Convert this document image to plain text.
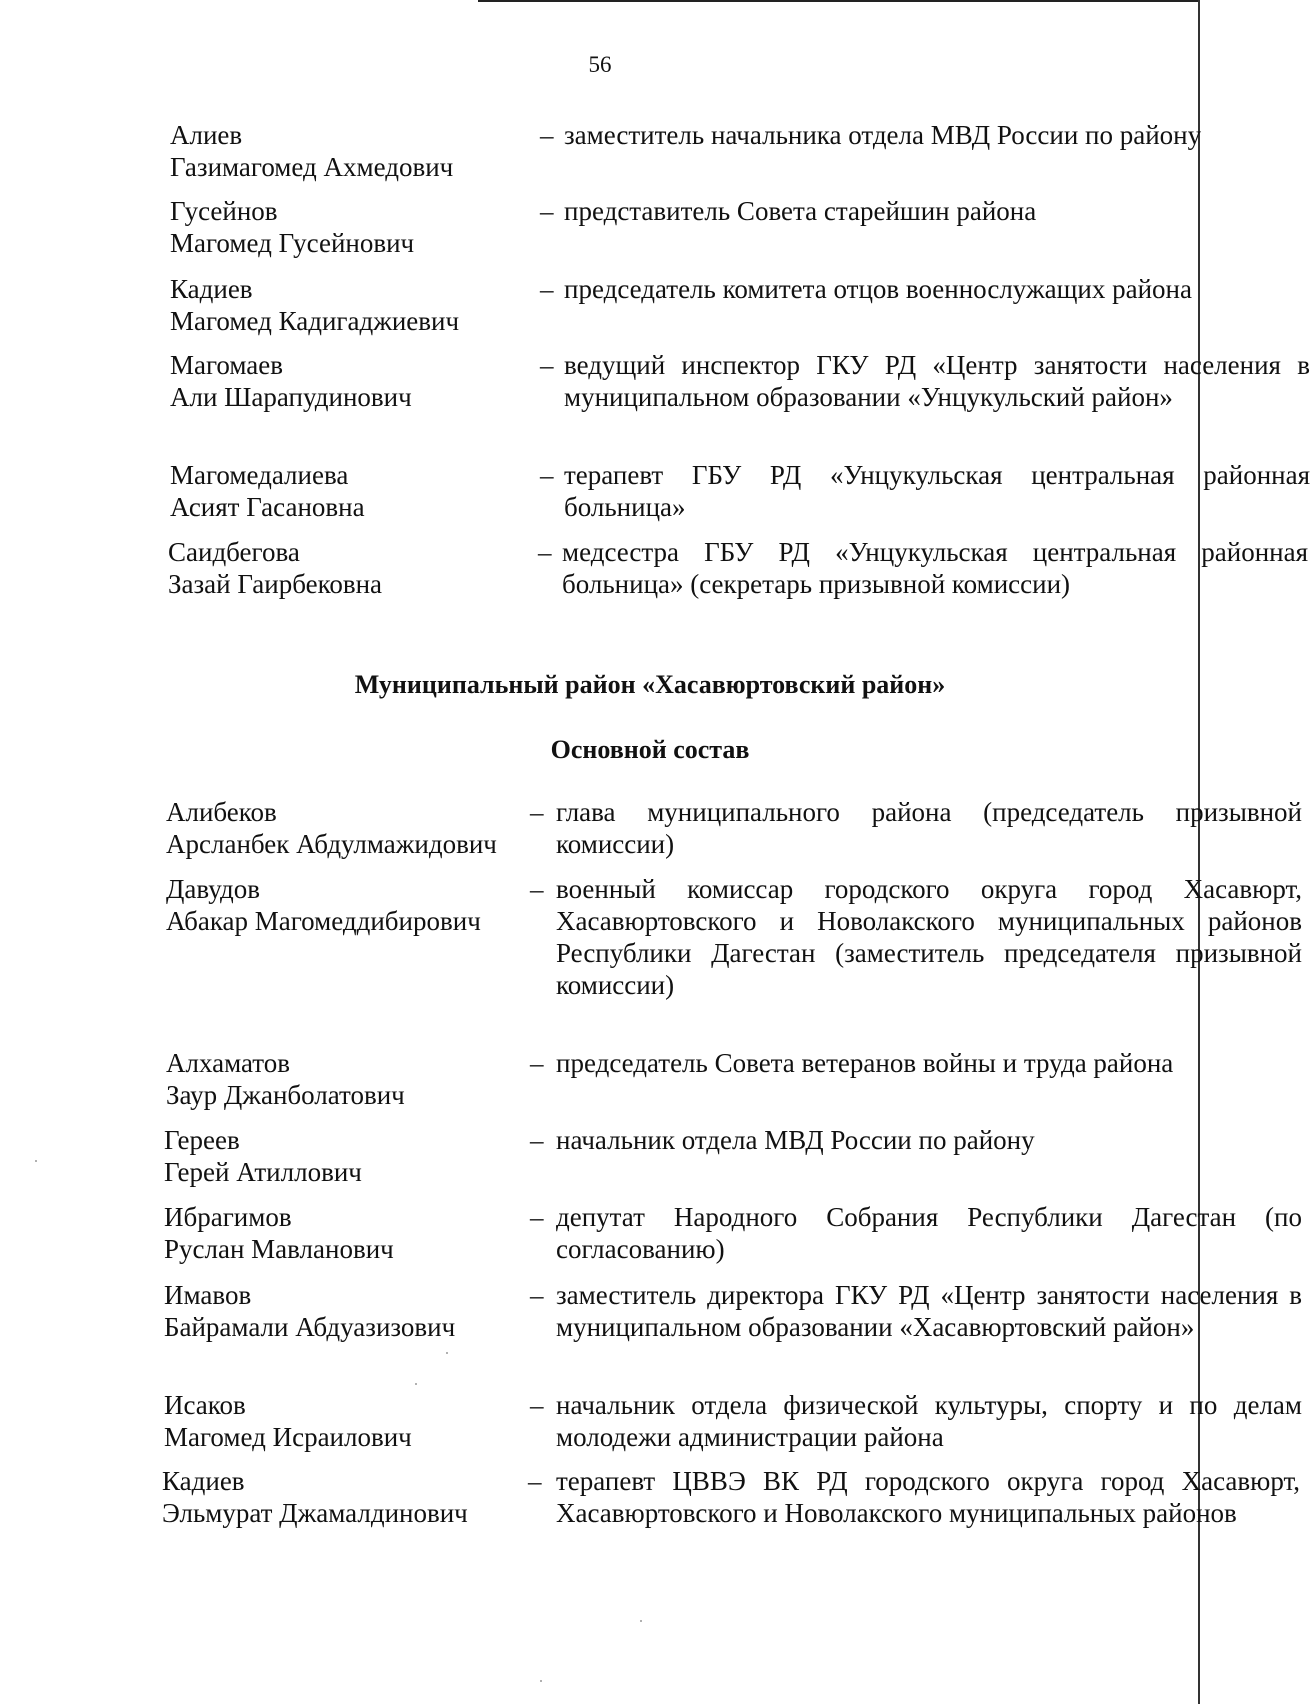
56
Алиев
Газимагомед Ахмедович
– заместитель начальника отдела МВД России по району
Гусейнов
Магомед Гусейнович
– представитель Совета старейшин района
Кадиев
Магомед Кадигаджиевич
– председатель комитета отцов военнослужащих района
Магомаев
Али Шарапудинович
– ведущий инспектор ГКУ РД «Центр занятости населения в муниципальном образовании «Унцукульский район»
Магомедалиева
Асият Гасановна
– терапевт ГБУ РД «Унцукульская центральная районная больница»
Саидбегова
Зазай Гаирбековна
– медсестра ГБУ РД «Унцукульская центральная районная больница» (секретарь призывной комиссии)
Муниципальный район «Хасавюртовский район»
Основной состав
Алибеков
Арсланбек Абдулмажидович
– глава муниципального района (председатель призывной комиссии)
Давудов
Абакар Магомеддибирович
– военный комиссар городского округа город Хасавюрт, Хасавюртовского и Новолакского муниципальных районов Республики Дагестан (заместитель председателя призывной комиссии)
Алхаматов
Заур Джанболатович
– председатель Совета ветеранов войны и труда района
Гереев
Герей Атиллович
– начальник отдела МВД России по району
Ибрагимов
Руслан Мавланович
– депутат Народного Собрания Республики Дагестан (по согласованию)
Имавов
Байрамали Абдуазизович
– заместитель директора ГКУ РД «Центр занятости населения в муниципальном образовании «Хасавюртовский район»
Исаков
Магомед Исраилович
– начальник отдела физической культуры, спорту и по делам молодежи администрации района
Кадиев
Эльмурат Джамалдинович
– терапевт ЦВВЭ ВК РД городского округа город Хасавюрт, Хасавюртовского и Новолакского муниципальных районов
